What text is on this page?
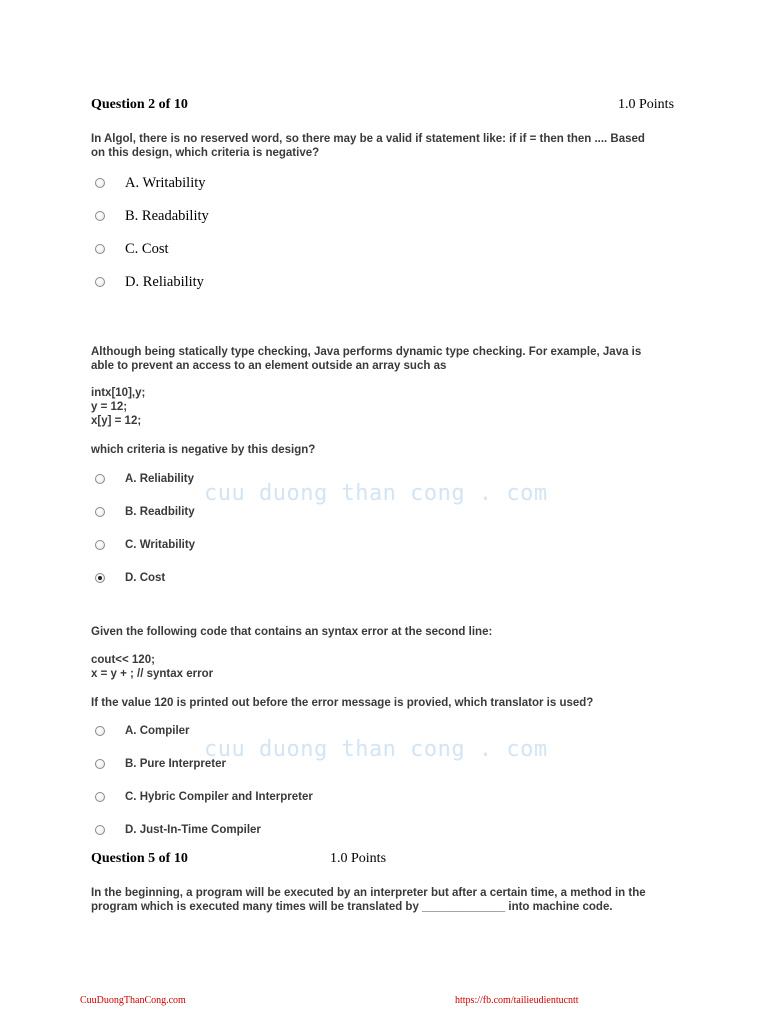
Question 2 of 10	1.0 Points
In Algol, there is no reserved word, so there may be a valid if statement like: if if = then then .... Based
on this design, which criteria is negative?
A. Writability
B. Readability
C. Cost
D. Reliability
Although being statically type checking, Java performs dynamic type checking. For example, Java is
able to prevent an access to an element outside an array such as
intx[10],y;
y = 12;
x[y] = 12;
which criteria is negative by this design?
A. Reliability
B. Readbility
C. Writability
D. Cost
Given the following code that contains an syntax error at the second line:
cout<< 120;
x = y + ; // syntax error
If the value 120 is printed out before the error message is provied, which translator is used?
A. Compiler
B. Pure Interpreter
C. Hybric Compiler and Interpreter
D. Just-In-Time Compiler
Question 5 of 10	1.0 Points
In the beginning, a program will be executed by an interpreter but after a certain time, a method in the
program which is executed many times will be translated by _____________ into machine code.
cuu duong than cong . com
cuu duong than cong . com
CuuDuongThanCong.com	https://fb.com/tailieudientucntt
